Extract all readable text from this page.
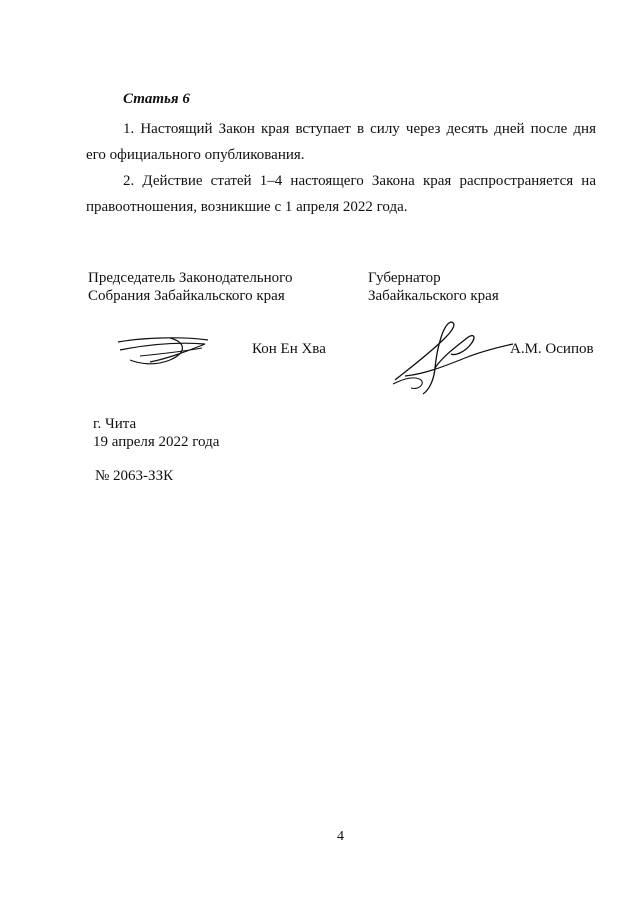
Статья 6
1. Настоящий Закон края вступает в силу через десять дней после дня
его официального опубликования.
2. Действие статей 1–4 настоящего Закона края распространяется на
правоотношения, возникшие с 1 апреля 2022 года.
Председатель Законодательного
Собрания Забайкальского края
Губернатор
Забайкальского края
Кон Ен Хва	А.М. Осипов
г. Чита
19 апреля 2022 года
№ 2063-ЗЗК
4
